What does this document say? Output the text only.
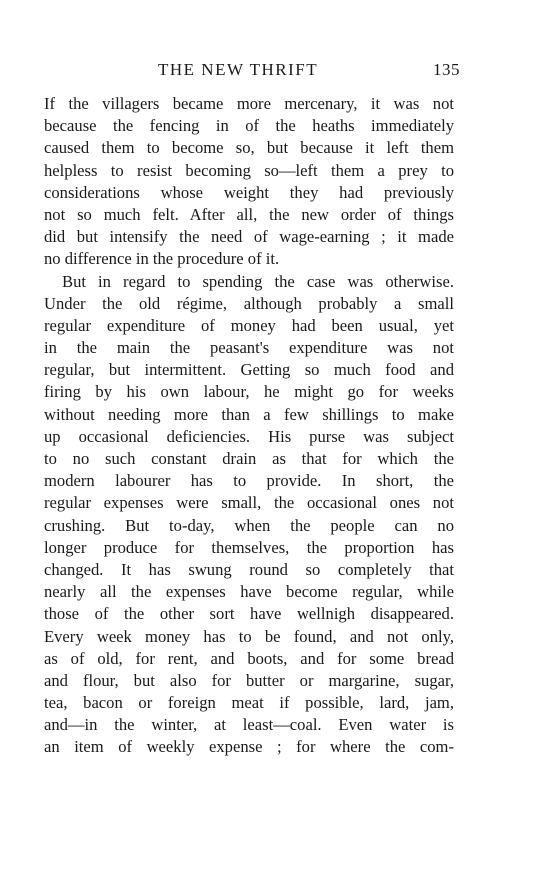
THE NEW THRIFT	135
If the villagers became more mercenary, it was not
because the fencing in of the heaths immediately
caused them to become so, but because it left them
helpless to resist becoming so—left them a prey to
considerations whose weight they had previously
not so much felt. After all, the new order of things
did but intensify the need of wage-earning ; it made
no difference in the procedure of it.
But in regard to spending the case was otherwise.
Under the old régime, although probably a small
regular expenditure of money had been usual, yet
in the main the peasant's expenditure was not
regular, but intermittent. Getting so much food and
firing by his own labour, he might go for weeks
without needing more than a few shillings to make
up occasional deficiencies. His purse was subject
to no such constant drain as that for which the
modern labourer has to provide. In short, the
regular expenses were small, the occasional ones not
crushing. But to-day, when the people can no
longer produce for themselves, the proportion has
changed. It has swung round so completely that
nearly all the expenses have become regular, while
those of the other sort have wellnigh disappeared.
Every week money has to be found, and not only,
as of old, for rent, and boots, and for some bread
and flour, but also for butter or margarine, sugar,
tea, bacon or foreign meat if possible, lard, jam,
and—in the winter, at least—coal. Even water is
an item of weekly expense ; for where the com-
